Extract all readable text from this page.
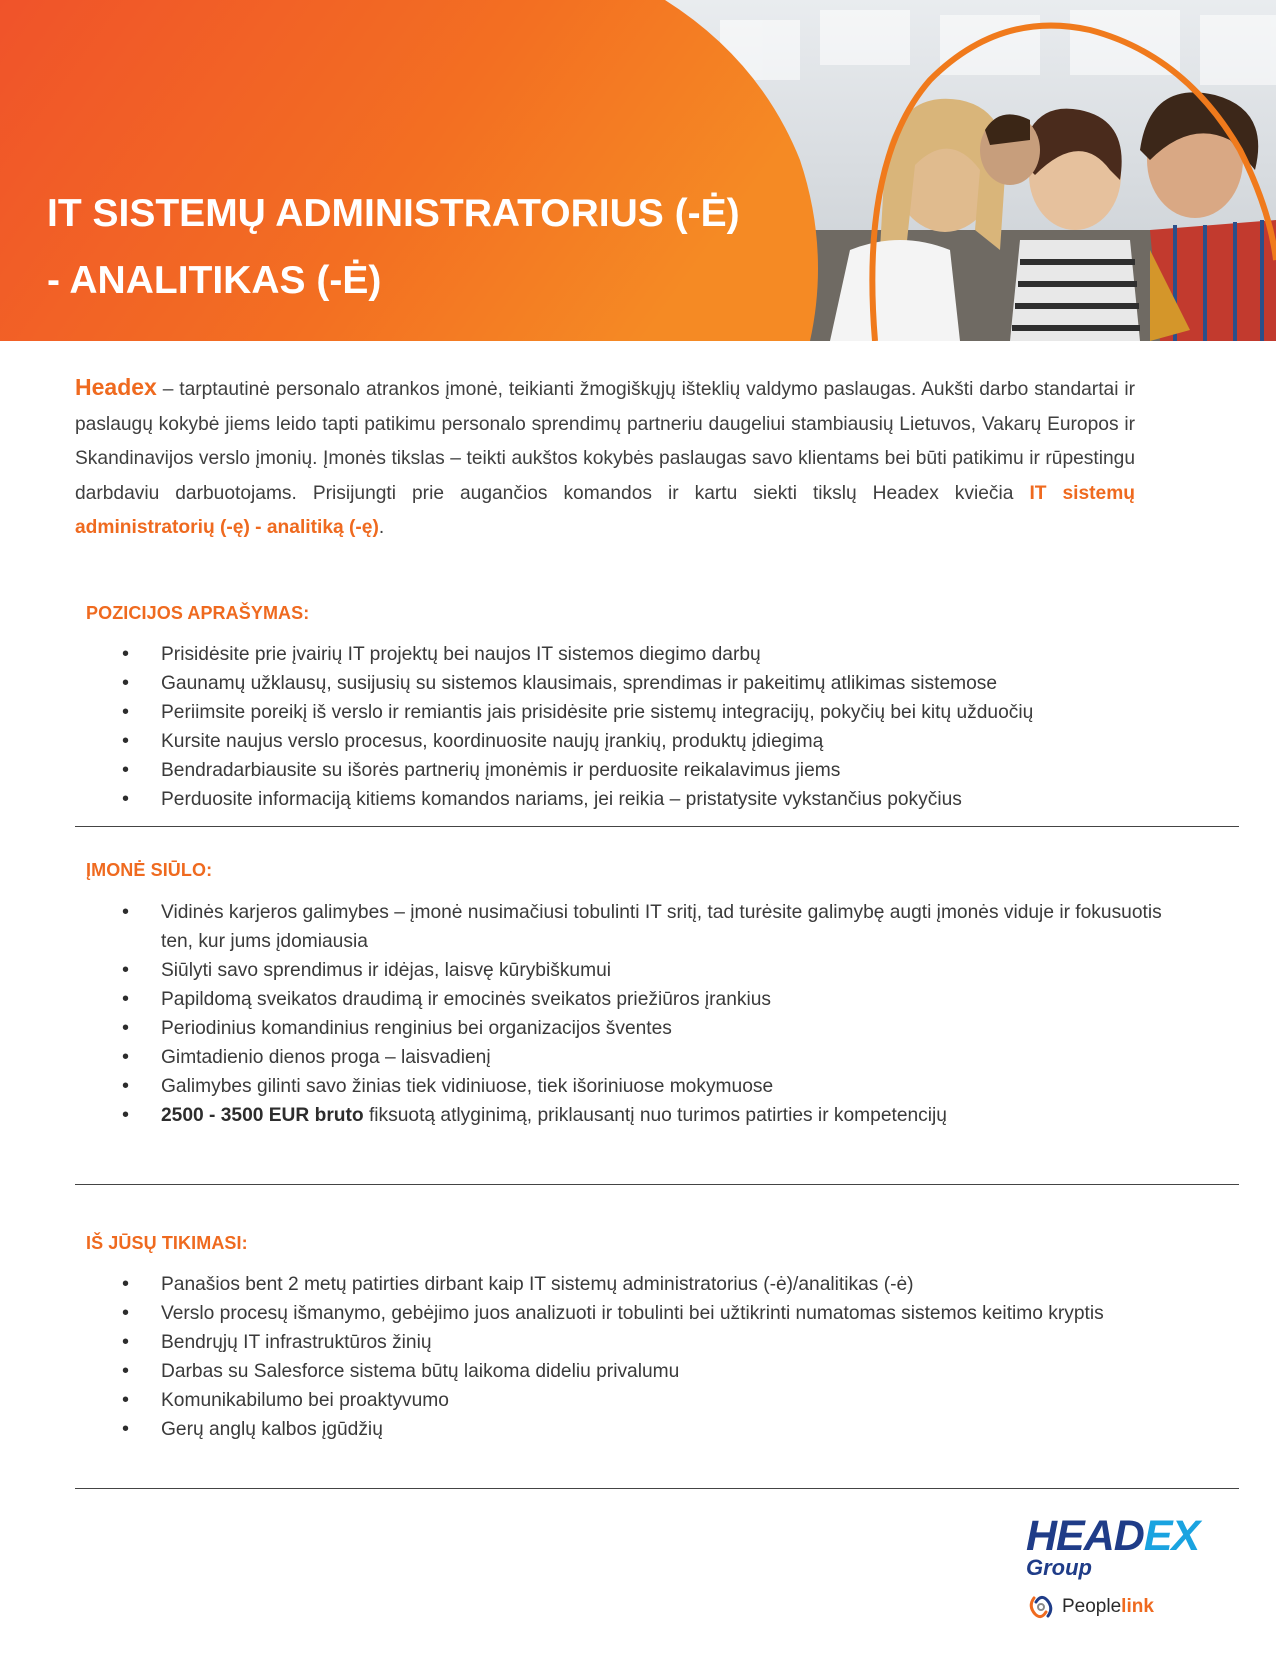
IT SISTEMŲ ADMINISTRATORIUS (-Ė)
- ANALITIKAS (-Ė)

Headex – tarptautinė personalo atrankos įmonė, teikianti žmogiškųjų išteklių valdymo paslaugas. Aukšti darbo standartai ir paslaugų kokybė jiems leido tapti patikimu personalo sprendimų partneriu daugeliui stambiausių Lietuvos, Vakarų Europos ir Skandinavijos verslo įmonių. Įmonės tikslas – teikti aukštos kokybės paslaugas savo klientams bei būti patikimu ir rūpestingu darbdaviu darbuotojams. Prisijungti prie augančios komandos ir kartu siekti tikslų Headex kviečia IT sistemų administratorių (-ę) - analitiką (-ę).

POZICIJOS APRAŠYMAS:
• Prisidėsite prie įvairių IT projektų bei naujos IT sistemos diegimo darbų
• Gaunamų užklausų, susijusių su sistemos klausimais, sprendimas ir pakeitimų atlikimas sistemose
• Periimsite poreikį iš verslo ir remiantis jais prisidėsite prie sistemų integracijų, pokyčių bei kitų užduočių
• Kursite naujus verslo procesus, koordinuosite naujų įrankių, produktų įdiegimą
• Bendradarbiausite su išorės partnerių įmonėmis ir perduosite reikalavimus jiems
• Perduosite informaciją kitiems komandos nariams, jei reikia – pristatysite vykstančius pokyčius
ĮMONĖ SIŪLO:
• Vidinės karjeros galimybes – įmonė nusimačiusi tobulinti IT sritį, tad turėsite galimybę augti įmonės viduje ir fokusuotis ten, kur jums įdomiausia
• Siūlyti savo sprendimus ir idėjas, laisvę kūrybiškumui
• Papildomą sveikatos draudimą ir emocinės sveikatos priežiūros įrankius
• Periodinius komandinius renginius bei organizacijos šventes
• Gimtadienio dienos proga – laisvadienį
• Galimybes gilinti savo žinias tiek vidiniuose, tiek išoriniuose mokymuose
• 2500 - 3500 EUR bruto fiksuotą atlyginimą, priklausantį nuo turimos patirties ir kompetencijų
IŠ JŪSŲ TIKIMASI:
• Panašios bent 2 metų patirties dirbant kaip IT sistemų administratorius (-ė)/analitikas (-ė)
• Verslo procesų išmanymo, gebėjimo juos analizuoti ir tobulinti bei užtikrinti numatomas sistemos keitimo kryptis
• Bendrųjų IT infrastruktūros žinių
• Darbas su Salesforce sistema būtų laikoma dideliu privalumu
• Komunikabilumo bei proaktyvumo
• Gerų anglų kalbos įgūdžių
HEADEX
Group
Peoplelink
